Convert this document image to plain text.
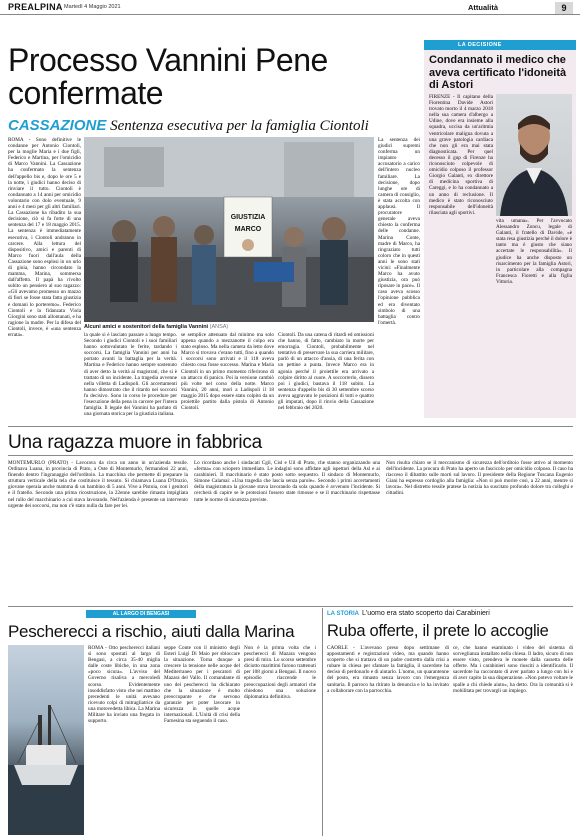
PREALPINA Martedì 4 Maggio 2021	Attualità	9
Processo Vannini Pene confermate
CASSAZIONE Sentenza esecutiva per la famiglia Ciontoli

ROMA - Sono definitive le condanne per Antonio Ciontoli, per la moglie Maria e i due figli, Federico e Martina, per l'omicidio di Marco Vannini. La Cassazione ha confermato la sentenza dell'appello bis e, dopo le ore 5 e la notte, i giudici hanno deciso di rinviare il tutto. Ciontoli è condannato a 14 anni per omicidio volontario con dolo eventuale, 9 anni e 4 mesi per gli altri familiari. La Cassazione ha ribadito la sua decisione, ciò si fa forte di una sentenza del 17 e 18 maggio 2015. La sentenza è immediatamente esecutiva, i Ciontoli andranno in carcere. Alla lettura del dispositivo, amici e parenti di Marco fuori dall'aula della Cassazione sono esplosi in un urlo di gioia, hanno circondato la mamma, Marina, sommersa dall'affetto. Il papà ha rivolto subito un pensiero al suo ragazzo: «Gli avevamo promesso un mazzo di fiori se fosse stata fatta giustizia e domani lo porteremo». Federico Ciontoli e la fidanzata Viola Giorgini sono stati allontanati, e ha ragione la madre. Per la difesa del Ciontoli, invece, è «una sentenza errata».

GIUSTIZIA
MARCO
Alcuni amici e sostenitori della famiglia Vannini (ANSA)

la quale si è lasciato passare a lungo tempo. Secondo i giudici Ciontoli e i suoi familiari hanno sottovalutato le ferite, tardando i soccorsi. La famiglia Vannini per anni ha portato avanti la battaglia per la verità. Martina e Federico hanno sempre sostenuto di aver detto la verità ai magistrati, che si è trattato di un incidente. La tragedia avvenne nella villetta di Ladispoli. Gli accertamenti hanno dimostrato che il ritardo nei soccorsi fu decisivo. Sono in corso le procedure per l'esecuzione della pena in carcere per l'intera famiglia. Il legale dei Vannini ha parlato di una giornata storica per la giustizia italiana.

se semplice attenuato dal minimo ma solo appena quando a mezzanotte il colpo era stato esploso. Ma nella camera da letto dove Marco si trovava c'erano tutti, fino a quando i soccorsi sono arrivati e il 118 aveva chiesto cosa fosse successo. Marina e Maria Ciontoli in un primo momento riferirono di un attacco di panico. Poi la versione cambiò più volte nel corso della notte. Marco Vannini, 20 anni, morì a Ladispoli il 18 maggio 2015 dopo essere stato colpito da un proiettile partito dalla pistola di Antonio Ciontoli.

Ciontoli. Da una catena di ritardi ed omissioni che hanno, di fatto, cambiato la morte per emorragia. Ciontoli, probabilmente nel tentativo di preservare la sua carriera militare, parlò di un attacco d'ansia, di una ferita con un pettine a punta. Invece Marco era in agonia perché il proiettile era arrivato a colpire diritto al cuore. A soccorrerlo, dissero poi i giudici, bastava il 118 subito. La sentenza d'appello bis di 30 settembre scorso aveva aggravato le posizioni di tutti e quattro gli imputati, dopo il rinvio della Cassazione nel febbraio del 2020.

La sentenza dei giudici supremi conferma un impianto accusatorio a carico dell'intero nucleo familiare. La decisione, dopo lunghe ore di camera di consiglio, è stata accolta con applausi. Il procuratore generale aveva chiesto la conferma delle condanne. Marina Conte, madre di Marco, ha ringraziato tutti coloro che in questi anni le sono stati vicini: «Finalmente Marco ha avuto giustizia, ora può riposare in pace». Il caso aveva scosso l'opinione pubblica ed era diventato simbolo di una battaglia contro l'omertà.

LA DECISIONE
Condannato il medico che aveva certificato l'idoneità di Astori

FIRENZE - Il capitano della Fiorentina Davide Astori trovato morto il 4 marzo 2018 nella sua camera d'albergo a Udine, dove era insieme alla squadra, uccisa da un'aritmia ventricolare maligna dovuta a una grave patologia cardiaca che non gli era mai stata diagnosticata. Per quel decesso il gup di Firenze ha riconosciuto colpevole di omicidio colposo il professor Giorgio Galanti, ex direttore di medicina sportiva di Careggi, e lo ha condannato a un anno di reclusione. Il medico è stato riconosciuto responsabile dell'idoneità rilasciata agli sportivi.

vita umana». Per l'avvocato Alessandro Zoncu, legale di Galanti, il fratello di Davide, «è stata resa giustizia perché il dolore è tanto ma è giusto che siano accertate le responsabilità». Il giudice ha anche disposto un risarcimento per la famiglia Astori, in particolare alla compagna Francesca Fioretti e alla figlia Vittoria.

Una ragazza muore in fabbrica

MONTEMURLO (PRATO) - Lavorava da circa un anno in un'azienda tessile. Ordinava Luana, in provincia di Prato, a Oste di Montemurlo, fermandosi 22 anni, finendo dentro l'ingranaggio dell'orditoio. La macchina che permette di preparare la struttura verticale della tela che costituisce il tessuto. Si chiamava Luana D'Orazio, giovane operaia anche mamma di un bambino di 5 anni. Vive a Pistoia, con i genitori e il fratello. Secondo una prima ricostruzione, la 22enne sarebbe rimasta impigliata nel rullo del macchinario a cui stava lavorando. Nell'azienda è presente un intervento urgente dei soccorsi, ma non c'è stato nulla da fare per lei.

Lo ricordano anche i sindacati Cgil, Cisl e Uil di Prato, che stanno organizzando una «ferma» con sciopero immediato. Le indagini sono affidate agli ispettori della Asl e ai carabinieri. Il macchinario è stato posto sotto sequestro. Il sindaco di Montemurlo, Simone Calamai: «Una tragedia che lascia senza parole». Secondo i primi accertamenti della magistratura la giovane stava lavorando da sola quando è avvenuto l'incidente. Si cercherà di capire se le protezioni fossero state rimosse e se il macchinario rispettasse tutte le norme di sicurezza previste.

Non risulta chiaro se il meccanismo di sicurezza dell'orditoio fosse attivo al momento dell'incidente. La procura di Prato ha aperto un fascicolo per omicidio colposo. Il caso ha riacceso il dibattito sulle morti sul lavoro. Il presidente della Regione Toscana Eugenio Giani ha espresso cordoglio alla famiglia: «Non si può morire così, a 22 anni, mentre si lavora». Nel distretto tessile pratese la notizia ha suscitato profondo dolore tra colleghi e cittadini.

AL LARGO DI BENGASI
Pescherecci a rischio, aiuti dalla Marina

ROMA - Otto pescherecci italiani si sono spostati al largo di Bengasi, a circa 35-40 miglia dalle coste libiche, in una zona «poco sicura». L'avviso del Governo risaliva a mercoledì scorso. Evidentemente insoddisfatto visto che nei mattino precedenti le unità avevano ricevuto colpi di mitragliatrice da una motovedetta libica. La Marina Militare ha inviato una fregata in supporto.

seppe Conte con il ministro degli Esteri Luigi Di Maio per sbloccare la situazione. Torna dunque a crescere la tensione nelle acque del Mediterraneo per i pescatori di Mazara del Vallo. Il comandante di uno dei pescherecci ha dichiarato che la situazione è molto preoccupante e che servono garanzie per poter lavorare in sicurezza in quelle acque internazionali. L'Unità di crisi della Farnesina sta seguendo il caso.

Non è la prima volta che i pescherecci di Mazara vengono presi di mira. Lo scorso settembre diciotto marittimi furono trattenuti per 108 giorni a Bengasi. Il nuovo episodio riaccende le preoccupazioni degli armatori che chiedono una soluzione diplomatica definitiva.

LA STORIA L'uomo era stato scoperto dai Carabinieri
Ruba offerte, il prete lo accoglie

CAORLE - L'avevano preso dopo settimane di appostamenti e registrazioni video, ma quando hanno scoperto che si trattava di un padre costretto dalla crisi a rubare in chiesa per sfamare la famiglia, il sacerdote ha deciso di perdonarlo e di aiutarlo. L'uomo, un quarantenne del posto, era rimasto senza lavoro con l'emergenza sanitaria. Il parroco ha ritirato la denuncia e lo ha invitato a collaborare con la parrocchia.

ce, che hanno esaminato i video del sistema di sorveglianza installato nella chiesa. Il ladro, sicuro di non essere visto, prendeva le monete dalla cassetta delle offerte. Ma i carabinieri sono riusciti a identificarlo. Il sacerdote ha raccontato di aver parlato a lungo con lui e di aver capito la sua disperazione. «Non potevo voltare le spalle a chi chiede aiuto», ha detto. Ora la comunità si è mobilitata per trovargli un impiego.
